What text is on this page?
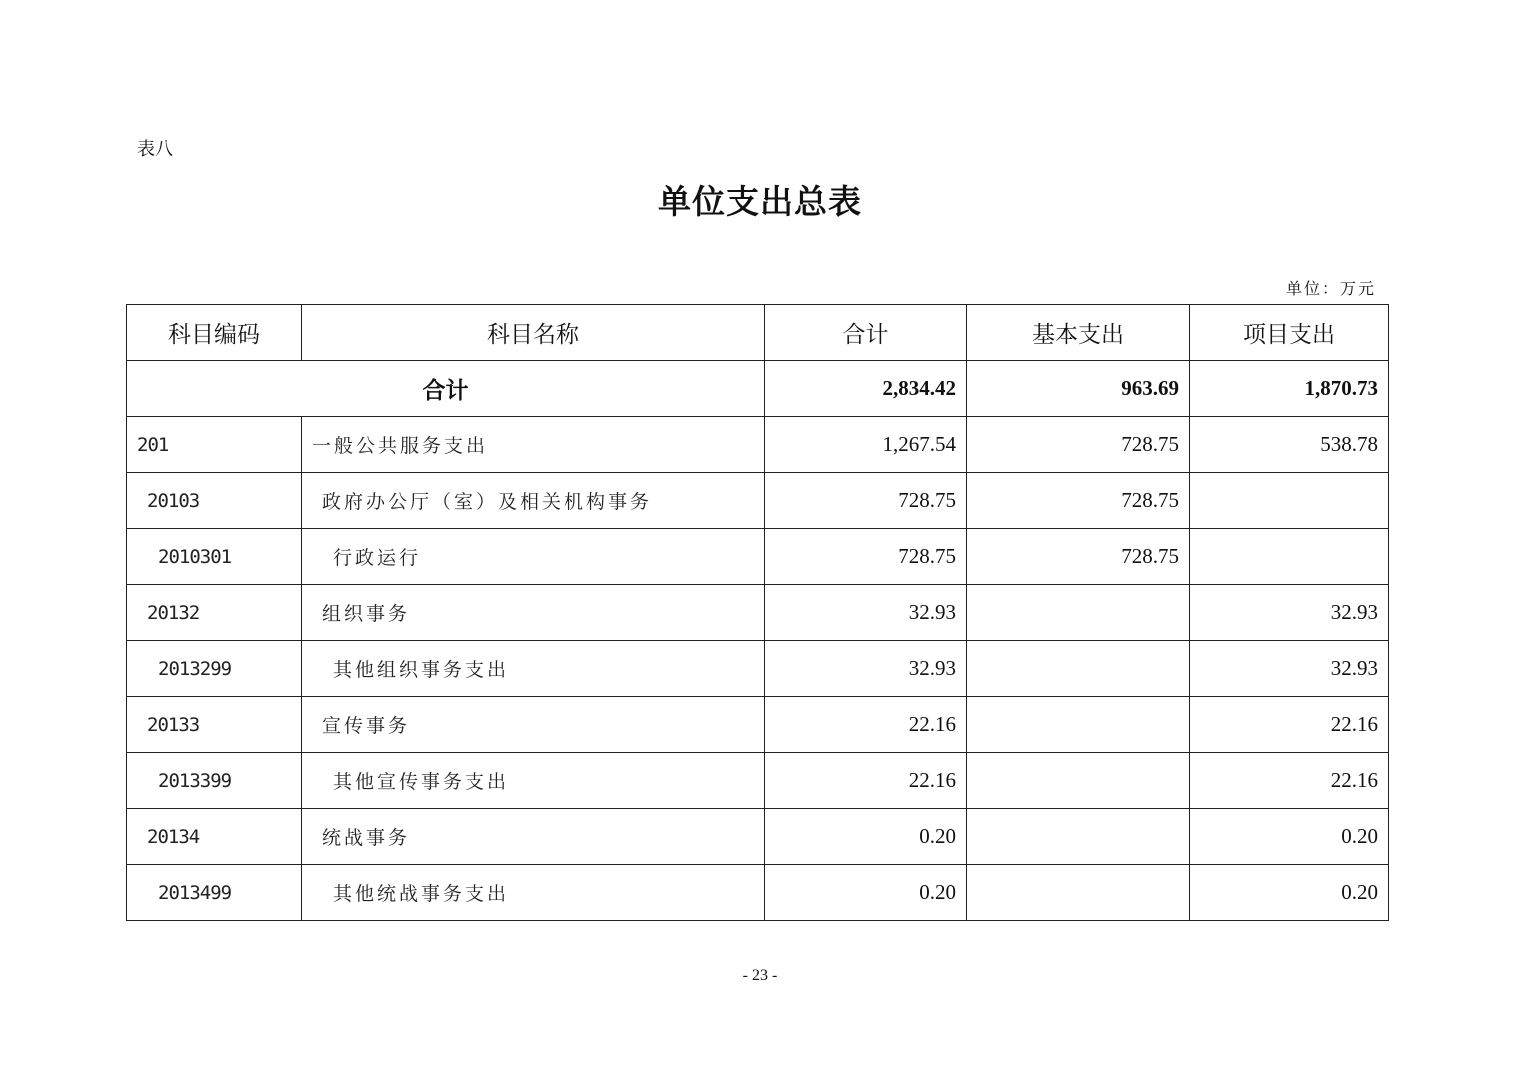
表八
单位支出总表
单位：万元
科目编码	科目名称	合计	基本支出	项目支出
合计		2,834.42	963.69	1,870.73
201	一般公共服务支出	1,267.54	728.75	538.78
20103	政府办公厅（室）及相关机构事务	728.75	728.75	
2010301	行政运行	728.75	728.75	
20132	组织事务	32.93		32.93
2013299	其他组织事务支出	32.93		32.93
20133	宣传事务	22.16		22.16
2013399	其他宣传事务支出	22.16		22.16
20134	统战事务	0.20		0.20
2013499	其他统战事务支出	0.20		0.20
- 23 -
